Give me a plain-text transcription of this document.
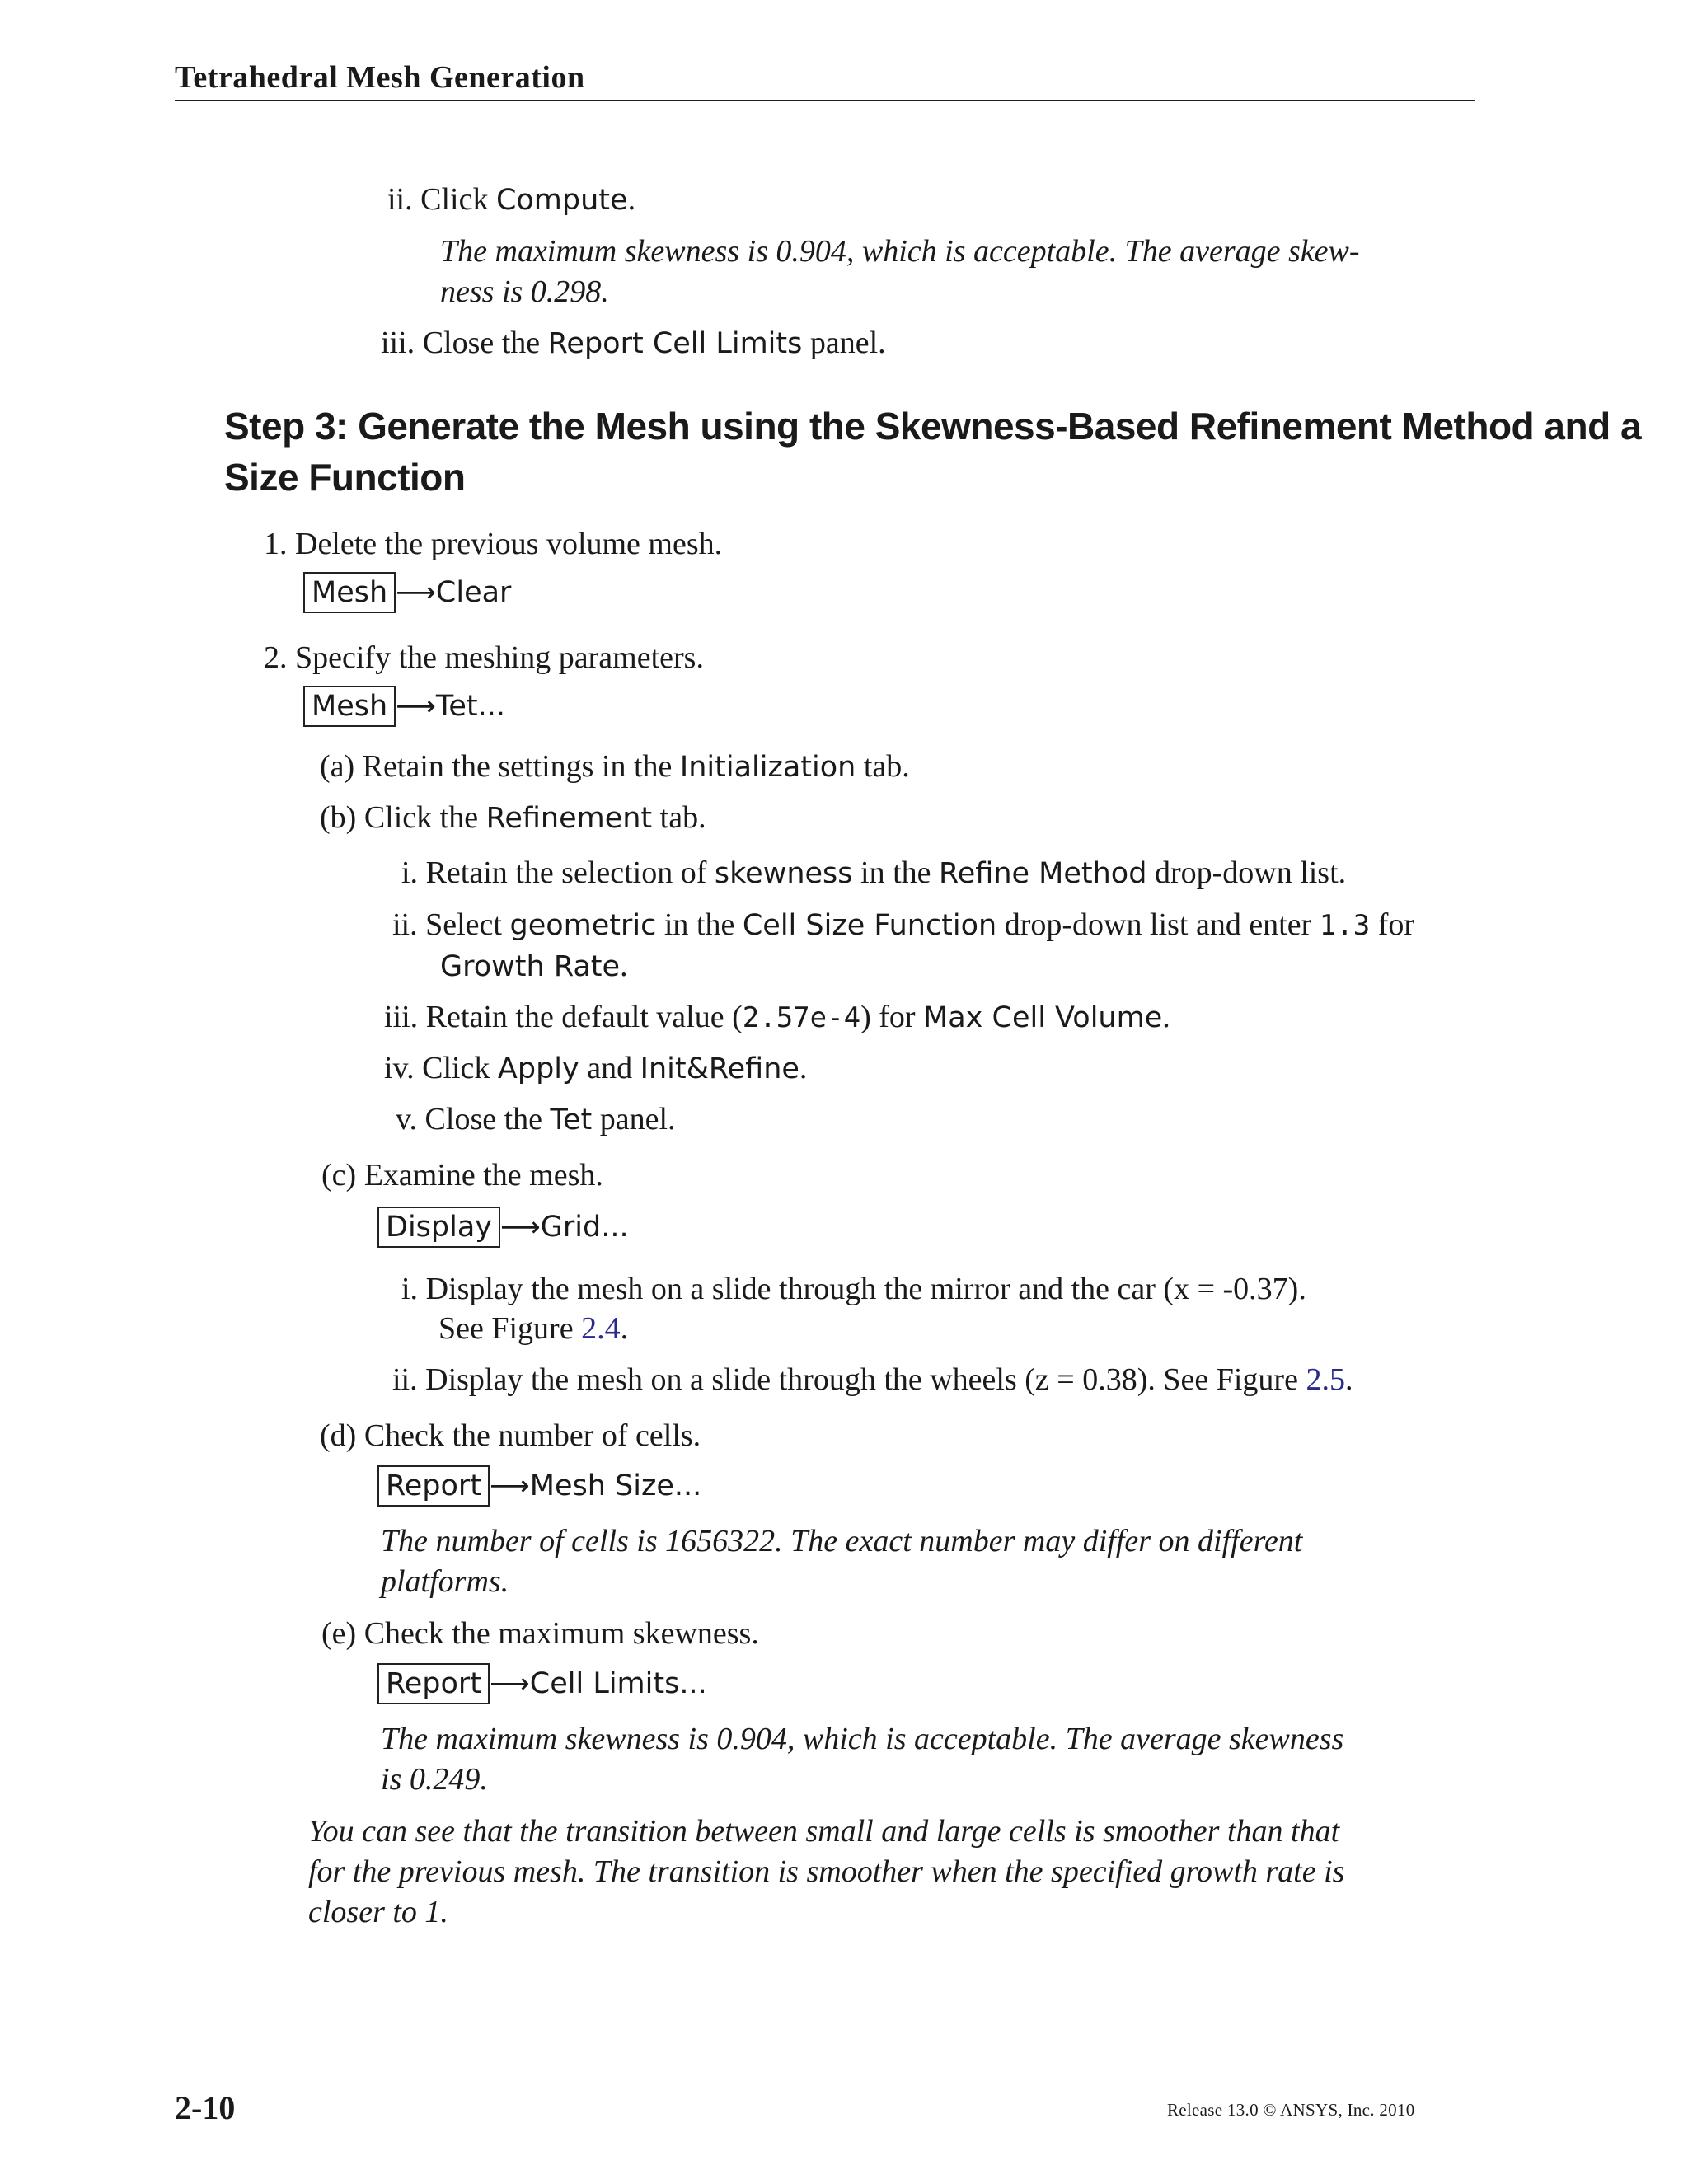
Tetrahedral Mesh Generation
ii. Click Compute.
The maximum skewness is 0.904, which is acceptable. The average skew-
ness is 0.298.
iii. Close the Report Cell Limits panel.
Step 3: Generate the Mesh using the Skewness-Based Refinement Method and a
Size Function
1. Delete the previous volume mesh.
Mesh ⟶Clear
2. Specify the meshing parameters.
Mesh ⟶Tet...
(a) Retain the settings in the Initialization tab.
(b) Click the Refinement tab.
i. Retain the selection of skewness in the Refine Method drop-down list.
ii. Select geometric in the Cell Size Function drop-down list and enter 1.3 for
Growth Rate.
iii. Retain the default value (2.57e-4) for Max Cell Volume.
iv. Click Apply and Init&Refine.
v. Close the Tet panel.
(c) Examine the mesh.
Display ⟶Grid...
i. Display the mesh on a slide through the mirror and the car (x = -0.37).
See Figure 2.4.
ii. Display the mesh on a slide through the wheels (z = 0.38). See Figure 2.5.
(d) Check the number of cells.
Report ⟶Mesh Size...
The number of cells is 1656322. The exact number may differ on different
platforms.
(e) Check the maximum skewness.
Report ⟶Cell Limits...
The maximum skewness is 0.904, which is acceptable. The average skewness
is 0.249.
You can see that the transition between small and large cells is smoother than that
for the previous mesh. The transition is smoother when the specified growth rate is
closer to 1.
2-10	Release 13.0 © ANSYS, Inc. 2010
